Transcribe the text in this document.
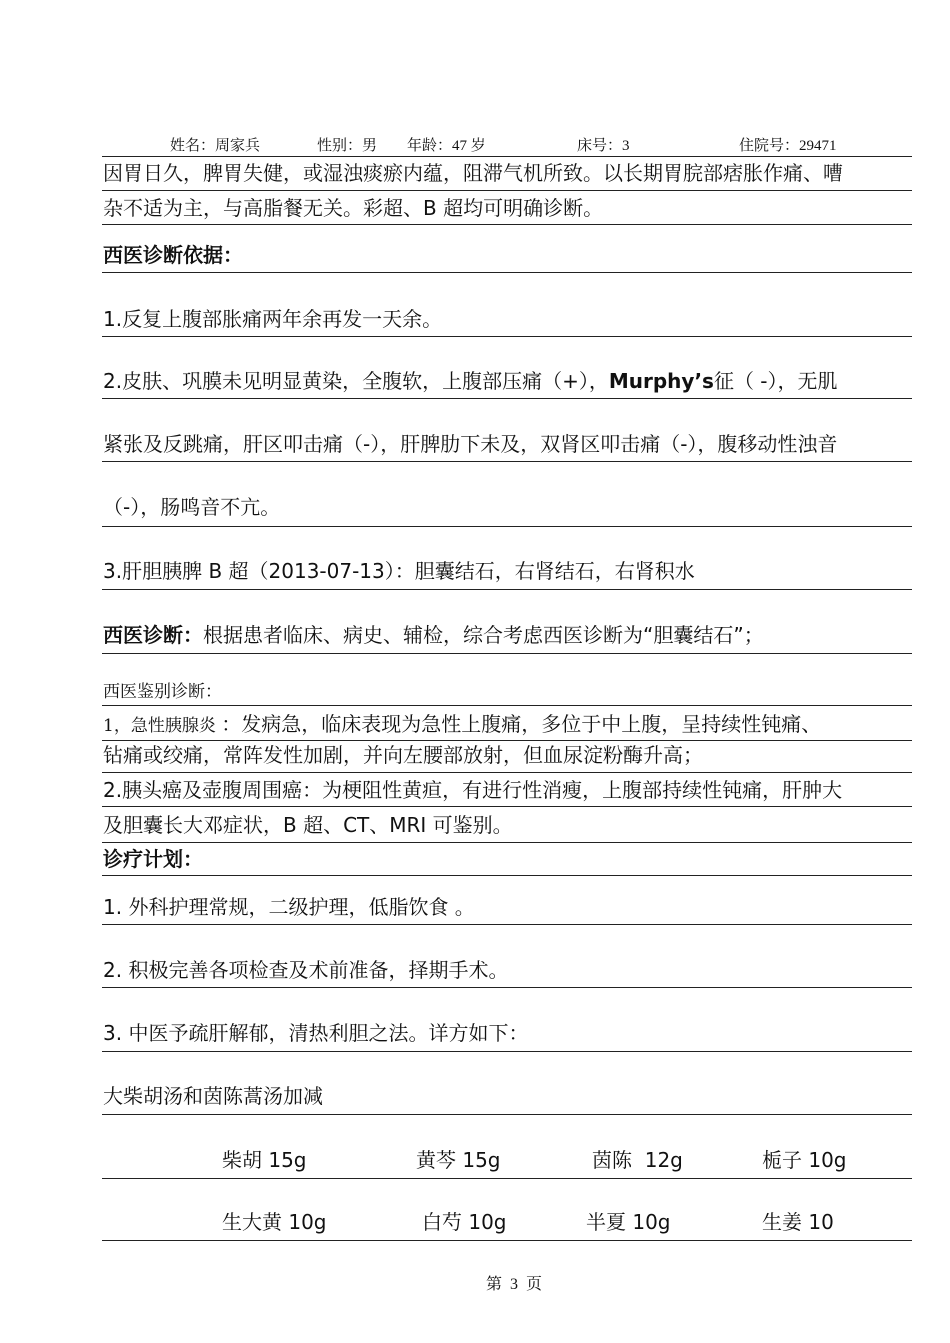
姓名：周家兵	性别：男 年龄：47 岁	床号：3	住院号：29471
因胃日久，脾胃失健，或湿浊痰瘀内蕴，阻滞气机所致。以长期胃脘部痞胀作痛、嘈
杂不适为主，与高脂餐无关。彩超、B 超均可明确诊断。
西医诊断依据：
1.反复上腹部胀痛两年余再发一天余。
2.皮肤、巩膜未见明显黄染，全腹软，上腹部压痛（+），Murphy’s征（ -），无肌
紧张及反跳痛，肝区叩击痛（-），肝脾肋下未及，双肾区叩击痛（-），腹移动性浊音
（-），肠鸣音不亢。
3.肝胆胰脾 B 超（2013-07-13）：胆囊结石，右肾结石，右肾积水
西医诊断：根据患者临床、病史、辅检，综合考虑西医诊断为“胆囊结石”；
西医鉴别诊断：
1，急性胰腺炎 ：发病急，临床表现为急性上腹痛，多位于中上腹，呈持续性钝痛、
钻痛或绞痛，常阵发性加剧，并向左腰部放射，但血尿淀粉酶升高；
2.胰头癌及壶腹周围癌：为梗阻性黄疸，有进行性消瘦，上腹部持续性钝痛，肝肿大
及胆囊长大邓症状，B 超、CT、MRI 可鉴别。
诊疗计划：
1. 外科护理常规，二级护理，低脂饮食 。
2. 积极完善各项检查及术前准备，择期手术。
3. 中医予疏肝解郁，清热利胆之法。详方如下：
大柴胡汤和茵陈蒿汤加减
柴胡 15g	黄芩 15g	茵陈  12g	栀子 10g
生大黄 10g	白芍 10g	半夏 10g	生姜 10
第 3 页
